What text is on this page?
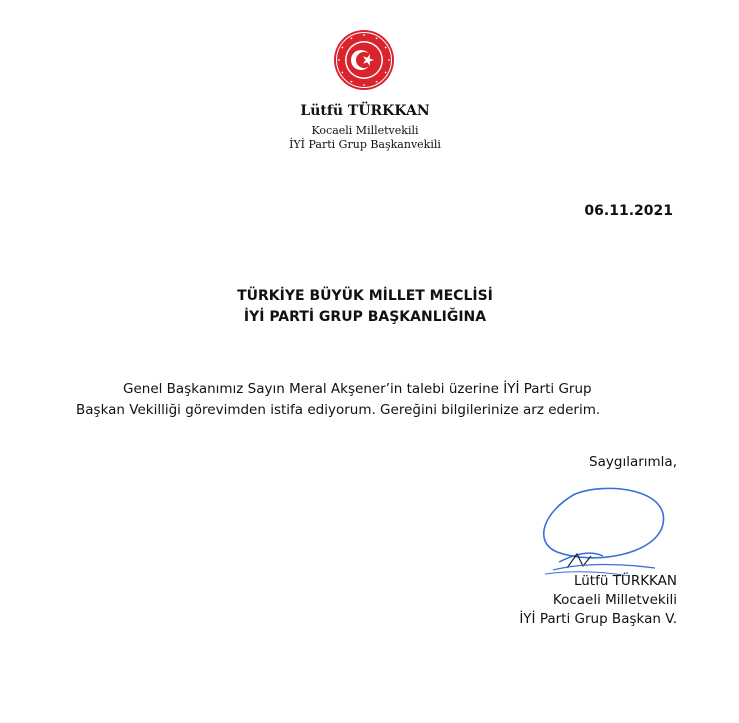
Lütfü TÜRKKAN
Kocaeli Milletvekili
İYİ Parti Grup Başkanvekili
06.11.2021
TÜRKİYE BÜYÜK MİLLET MECLİSİ
İYİ PARTİ GRUP BAŞKANLIĞINA
Genel Başkanımız Sayın Meral Akşener’in talebi üzerine İYİ Parti Grup
Başkan Vekilliği görevimden istifa ediyorum. Gereğini bilgilerinize arz ederim.
Saygılarımla,
Lütfü TÜRKKAN
Kocaeli Milletvekili
İYİ Parti Grup Başkan V.
